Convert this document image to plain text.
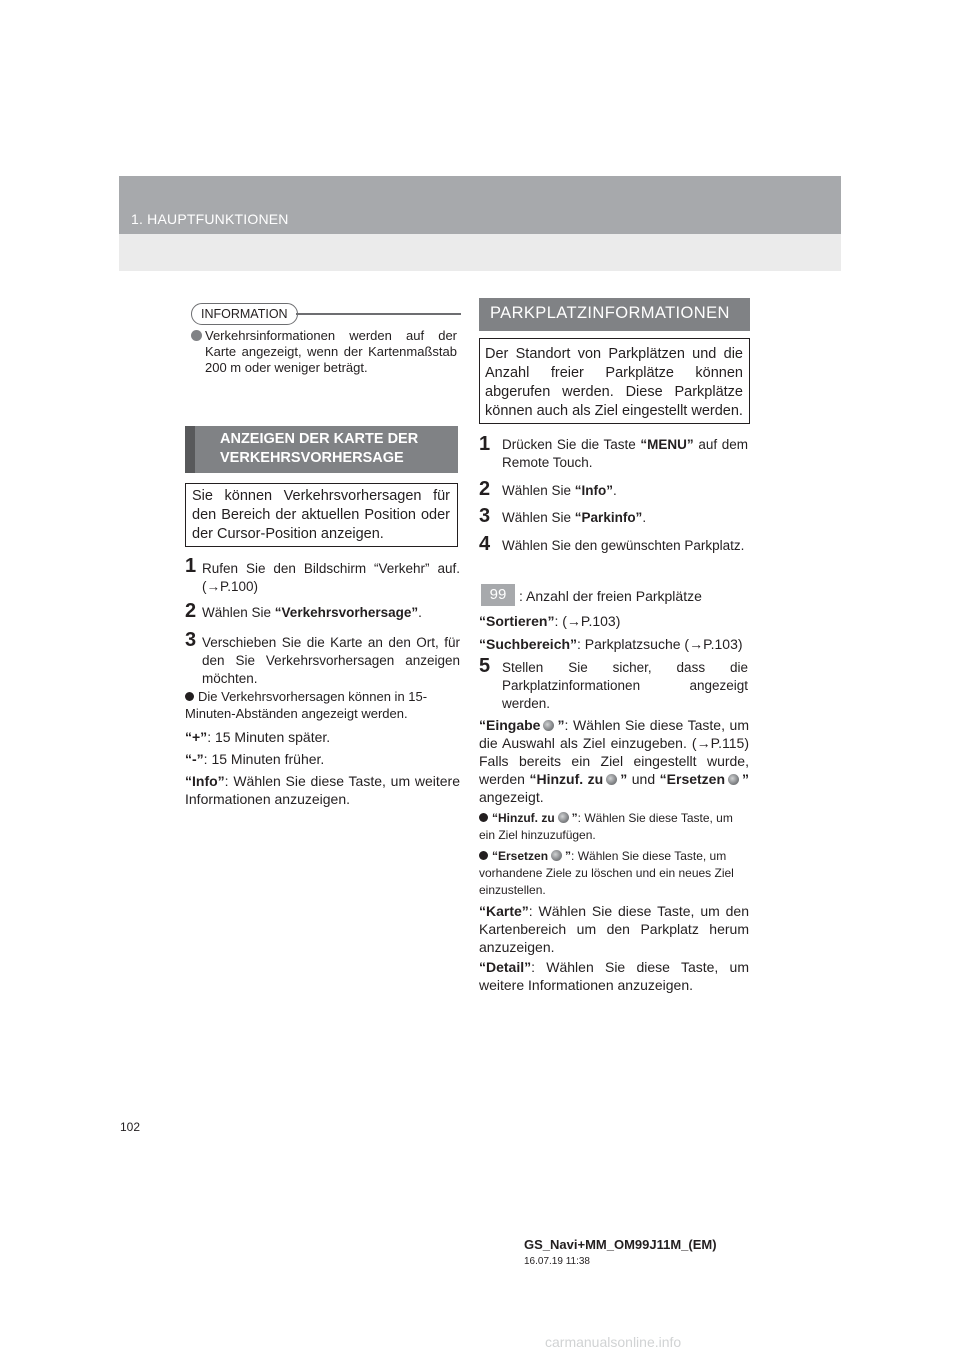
1. HAUPTFUNKTIONEN
INFORMATION
Verkehrsinformationen werden auf der Karte angezeigt, wenn der Kartenmaßstab 200 m oder weniger beträgt.
ANZEIGEN DER KARTE DER VERKEHRSVORHERSAGE
Sie können Verkehrsvorhersagen für den Bereich der aktuellen Position oder der Cursor-Position anzeigen.
1 Rufen Sie den Bildschirm “Verkehr” auf. (→P.100)
2 Wählen Sie “Verkehrsvorhersage”.
3 Verschieben Sie die Karte an den Ort, für den Sie Verkehrsvorhersagen anzeigen möchten.
Die Verkehrsvorhersagen können in 15-Minuten-Abständen angezeigt werden.
“+”: 15 Minuten später.
“-”: 15 Minuten früher.
“Info”: Wählen Sie diese Taste, um weitere Informationen anzuzeigen.
PARKPLATZINFORMATIONEN
Der Standort von Parkplätzen und die Anzahl freier Parkplätze können abgerufen werden. Diese Parkplätze können auch als Ziel eingestellt werden.
1 Drücken Sie die Taste “MENU” auf dem Remote Touch.
2 Wählen Sie “Info”.
3 Wählen Sie “Parkinfo”.
4 Wählen Sie den gewünschten Parkplatz.
99 : Anzahl der freien Parkplätze
“Sortieren”: (→P.103)
“Suchbereich”: Parkplatzsuche (→P.103)
5 Stellen Sie sicher, dass die Parkplatzinformationen angezeigt werden.
“Eingabe ”: Wählen Sie diese Taste, um die Auswahl als Ziel einzugeben. (→P.115) Falls bereits ein Ziel eingestellt wurde, werden “Hinzuf. zu ” und “Ersetzen ” angezeigt.
“Hinzuf. zu ”: Wählen Sie diese Taste, um ein Ziel hinzuzufügen.
“Ersetzen ”: Wählen Sie diese Taste, um vorhandene Ziele zu löschen und ein neues Ziel einzustellen.
“Karte”: Wählen Sie diese Taste, um den Kartenbereich um den Parkplatz herum anzuzeigen.
“Detail”: Wählen Sie diese Taste, um weitere Informationen anzuzeigen.
102
GS_Navi+MM_OM99J11M_(EM)
16.07.19 11:38
carmanualsonline.info
